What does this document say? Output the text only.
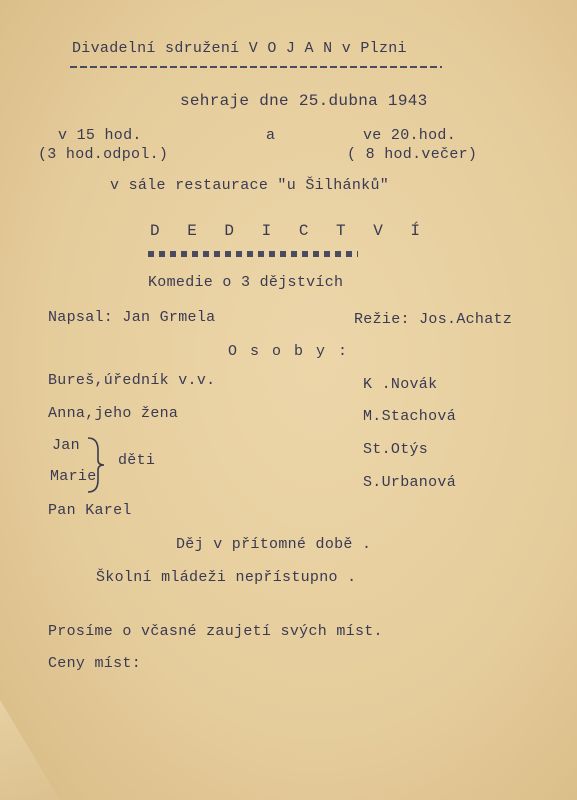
Divadelní sdružení V O J A N v Plzni
sehraje dne 25.dubna 1943
v 15 hod.
(3 hod.odpol.)
a	ve 20.hod.
( 8 hod.večer)
v sále restaurace "u Šilhánků"
D E D I C T V Í
Komedie o 3 dějstvích
Napsal: Jan Grmela	Režie: Jos.Achatz
O s o b y :
Bureš,úředník v.v.
Anna,jeho žena
Jan
Marie
Pan Karel
děti
K .Novák
M.Stachová
St.Otýs
S.Urbanová
Děj v přítomné době .
Školní mládeži nepřístupno .
Prosíme o včasné zaujetí svých míst.
Ceny míst:
